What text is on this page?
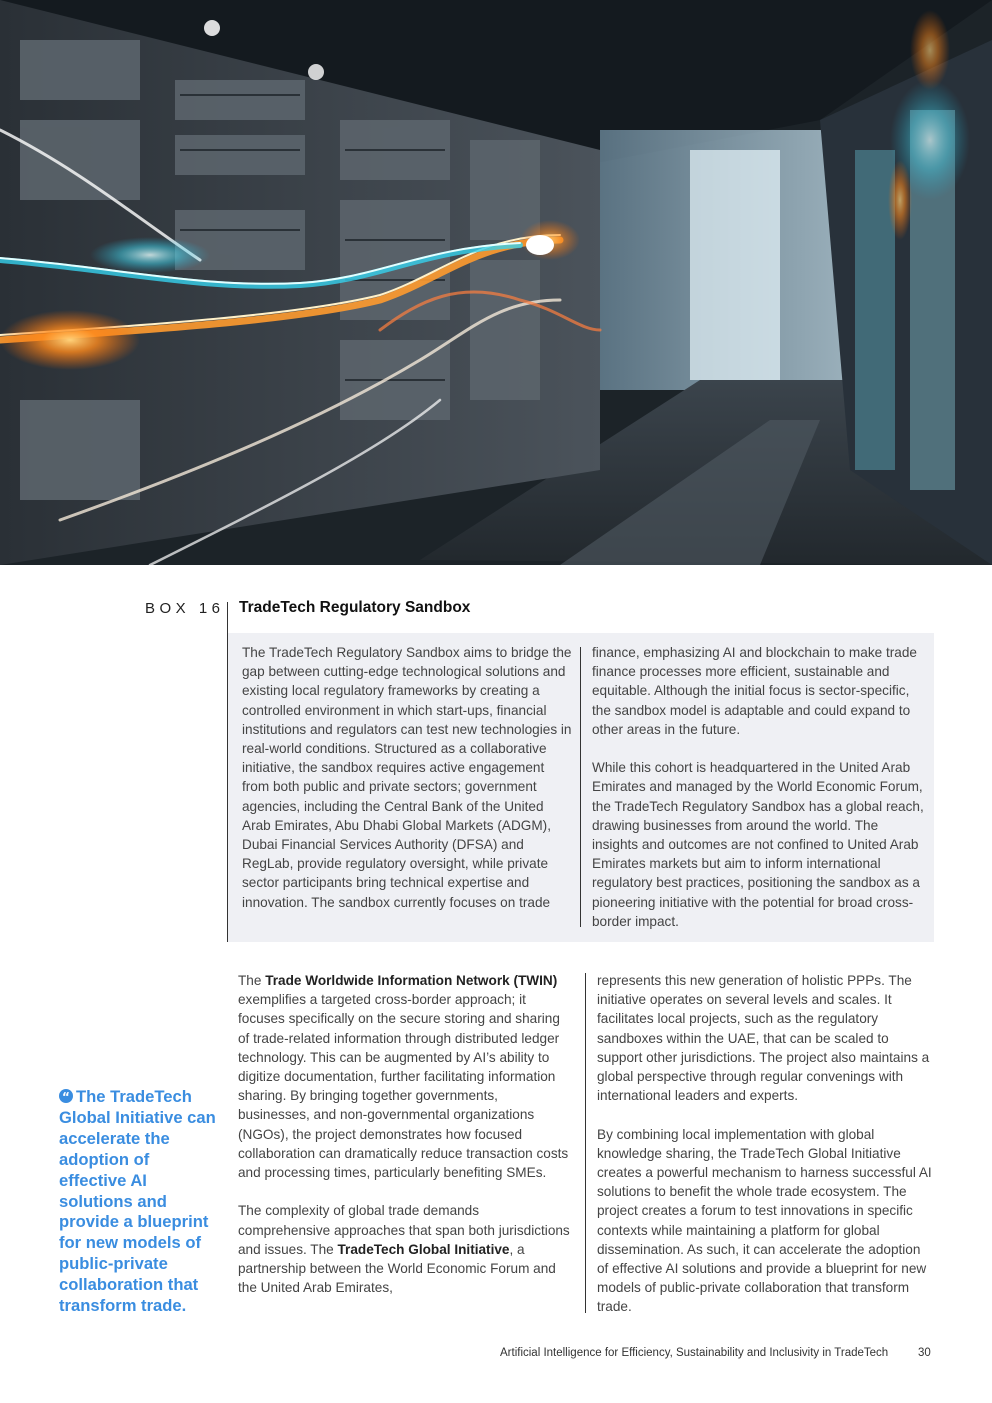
BOX 16 TradeTech Regulatory Sandbox

The TradeTech Regulatory Sandbox aims to bridge the gap between cutting-edge technological solutions and existing local regulatory frameworks by creating a controlled environment in which start-ups, financial institutions and regulators can test new technologies in real-world conditions. Structured as a collaborative initiative, the sandbox requires active engagement from both public and private sectors; government agencies, including the Central Bank of the United Arab Emirates, Abu Dhabi Global Markets (ADGM), Dubai Financial Services Authority (DFSA) and RegLab, provide regulatory oversight, while private sector participants bring technical expertise and innovation. The sandbox currently focuses on trade

finance, emphasizing AI and blockchain to make trade finance processes more efficient, sustainable and equitable. Although the initial focus is sector-specific, the sandbox model is adaptable and could expand to other areas in the future.

While this cohort is headquartered in the United Arab Emirates and managed by the World Economic Forum, the TradeTech Regulatory Sandbox has a global reach, drawing businesses from around the world. The insights and outcomes are not confined to United Arab Emirates markets but aim to inform international regulatory best practices, positioning the sandbox as a pioneering initiative with the potential for broad cross-border impact.

The Trade Worldwide Information Network (TWIN) exemplifies a targeted cross-border approach; it focuses specifically on the secure storing and sharing of trade-related information through distributed ledger technology. This can be augmented by AI’s ability to digitize documentation, further facilitating information sharing. By bringing together governments, businesses, and non-governmental organizations (NGOs), the project demonstrates how focused collaboration can dramatically reduce transaction costs and processing times, particularly benefiting SMEs.

The complexity of global trade demands comprehensive approaches that span both jurisdictions and issues. The TradeTech Global Initiative, a partnership between the World Economic Forum and the United Arab Emirates,

represents this new generation of holistic PPPs. The initiative operates on several levels and scales. It facilitates local projects, such as the regulatory sandboxes within the UAE, that can be scaled to support other jurisdictions. The project also maintains a global perspective through regular convenings with international leaders and experts.

By combining local implementation with global knowledge sharing, the TradeTech Global Initiative creates a powerful mechanism to harness successful AI solutions to benefit the whole trade ecosystem. The project creates a forum to test innovations in specific contexts while maintaining a platform for global dissemination. As such, it can accelerate the adoption of effective AI solutions and provide a blueprint for new models of public-private collaboration that transform trade.

“ The TradeTech Global Initiative can accelerate the adoption of effective AI solutions and provide a blueprint for new models of public-private collaboration that transform trade.
Artificial Intelligence for Efficiency, Sustainability and Inclusivity in TradeTech	30
